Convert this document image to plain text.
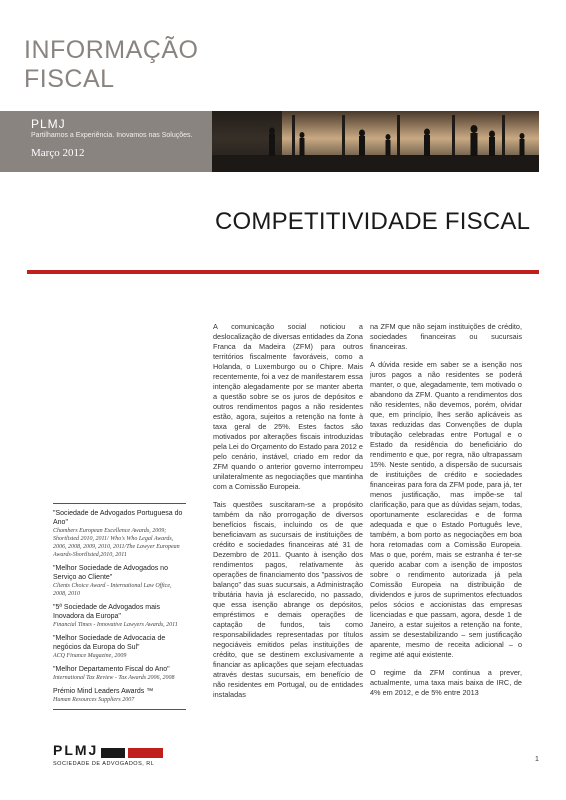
INFORMAÇÃO
FISCAL
PLMJ
Partilhamos a Experiência. Inovamos nas Soluções.
Março 2012
COMPETITIVIDADE FISCAL

A comunicação social noticiou a deslocalização de diversas entidades da Zona Franca da Madeira (ZFM) para outros territórios fiscalmente favoráveis, como a Holanda, o Luxemburgo ou o Chipre. Mais recentemente, foi a vez de manifestarem essa intenção alegadamente por se manter aberta a questão sobre se os juros de depósitos e outros rendimentos pagos a não residentes estão, agora, sujeitos a retenção na fonte à taxa geral de 25%. Estes factos são motivados por alterações fiscais introduzidas pela Lei do Orçamento do Estado para 2012 e pelo cenário, instável, criado em redor da ZFM quando o anterior governo interrompeu unilateralmente as negociações que mantinha com a Comissão Europeia.

Tais questões suscitaram-se a propósito também da não prorrogação de diversos benefícios fiscais, incluindo os de que beneficiavam as sucursais de instituições de crédito e sociedades financeiras até 31 de Dezembro de 2011. Quanto à isenção dos rendimentos pagos, relativamente às operações de financiamento dos "passivos de balanço" das suas sucursais, a Administração tributária havia já esclarecido, no passado, que essa isenção abrange os depósitos, empréstimos e demais operações de captação de fundos, tais como responsabilidades representadas por títulos negociáveis emitidos pelas instituições de crédito, que se destinem exclusivamente a financiar as aplicações que sejam efectuadas através destas sucursais, em benefício de não residentes em Portugal, ou de entidades instaladas

na ZFM que não sejam instituições de crédito, sociedades financeiras ou sucursais financeiras.

A dúvida reside em saber se a isenção nos juros pagos a não residentes se poderá manter, o que, alegadamente, tem motivado o abandono da ZFM. Quanto a rendimentos dos não residentes, não devemos, porém, olvidar que, em princípio, lhes serão aplicáveis as taxas reduzidas das Convenções de dupla tributação celebradas entre Portugal e o Estado da residência do beneficiário do rendimento e que, por regra, não ultrapassam 15%. Neste sentido, a dispersão de sucursais de instituições de crédito e sociedades financeiras para fora da ZFM pode, para já, ter menos justificação, mas impõe-se tal clarificação, para que as dúvidas sejam, todas, oportunamente esclarecidas e de forma adequada e que o Estado Português leve, também, a bom porto as negociações em boa hora retomadas com a Comissão Europeia. Mas o que, porém, mais se estranha é ter-se querido acabar com a isenção de impostos sobre o rendimento autorizada já pela Comissão Europeia na distribuição de dividendos e juros de suprimentos efectuados pelos sócios e accionistas das empresas licenciadas e que passam, agora, desde 1 de Janeiro, a estar sujeitos a retenção na fonte, assim se desestabilizando – sem justificação aparente, mesmo de receita adicional – o regime até aqui existente.

O regime da ZFM continua a prever, actualmente, uma taxa mais baixa de IRC, de 4% em 2012, e de 5% entre 2013

"Sociedade de Advogados Portuguesa do Ano"
Chambers European Excellence Awards, 2009; Shortlisted 2010, 2011/ Who's Who Legal Awards, 2006, 2008, 2009, 2010, 2011/The Lawyer European Awards-Shortlisted,2010, 2011
"Melhor Sociedade de Advogados no Serviço ao Cliente"
Clients Choice Award - International Law Office, 2008, 2010
"5ª Sociedade de Advogados mais Inovadora da Europa"
Financial Times - Innovative Lawyers Awards, 2011
"Melhor Sociedade de Advocacia de negócios da Europa do Sul"
ACQ Finance Magazine, 2009
"Melhor Departamento Fiscal do Ano"
International Tax Review - Tax Awards 2006, 2008
Prémio Mind Leaders Awards ™
Human Resources Suppliers 2007
PLMJ
SOCIEDADE DE ADVOGADOS, RL
1
